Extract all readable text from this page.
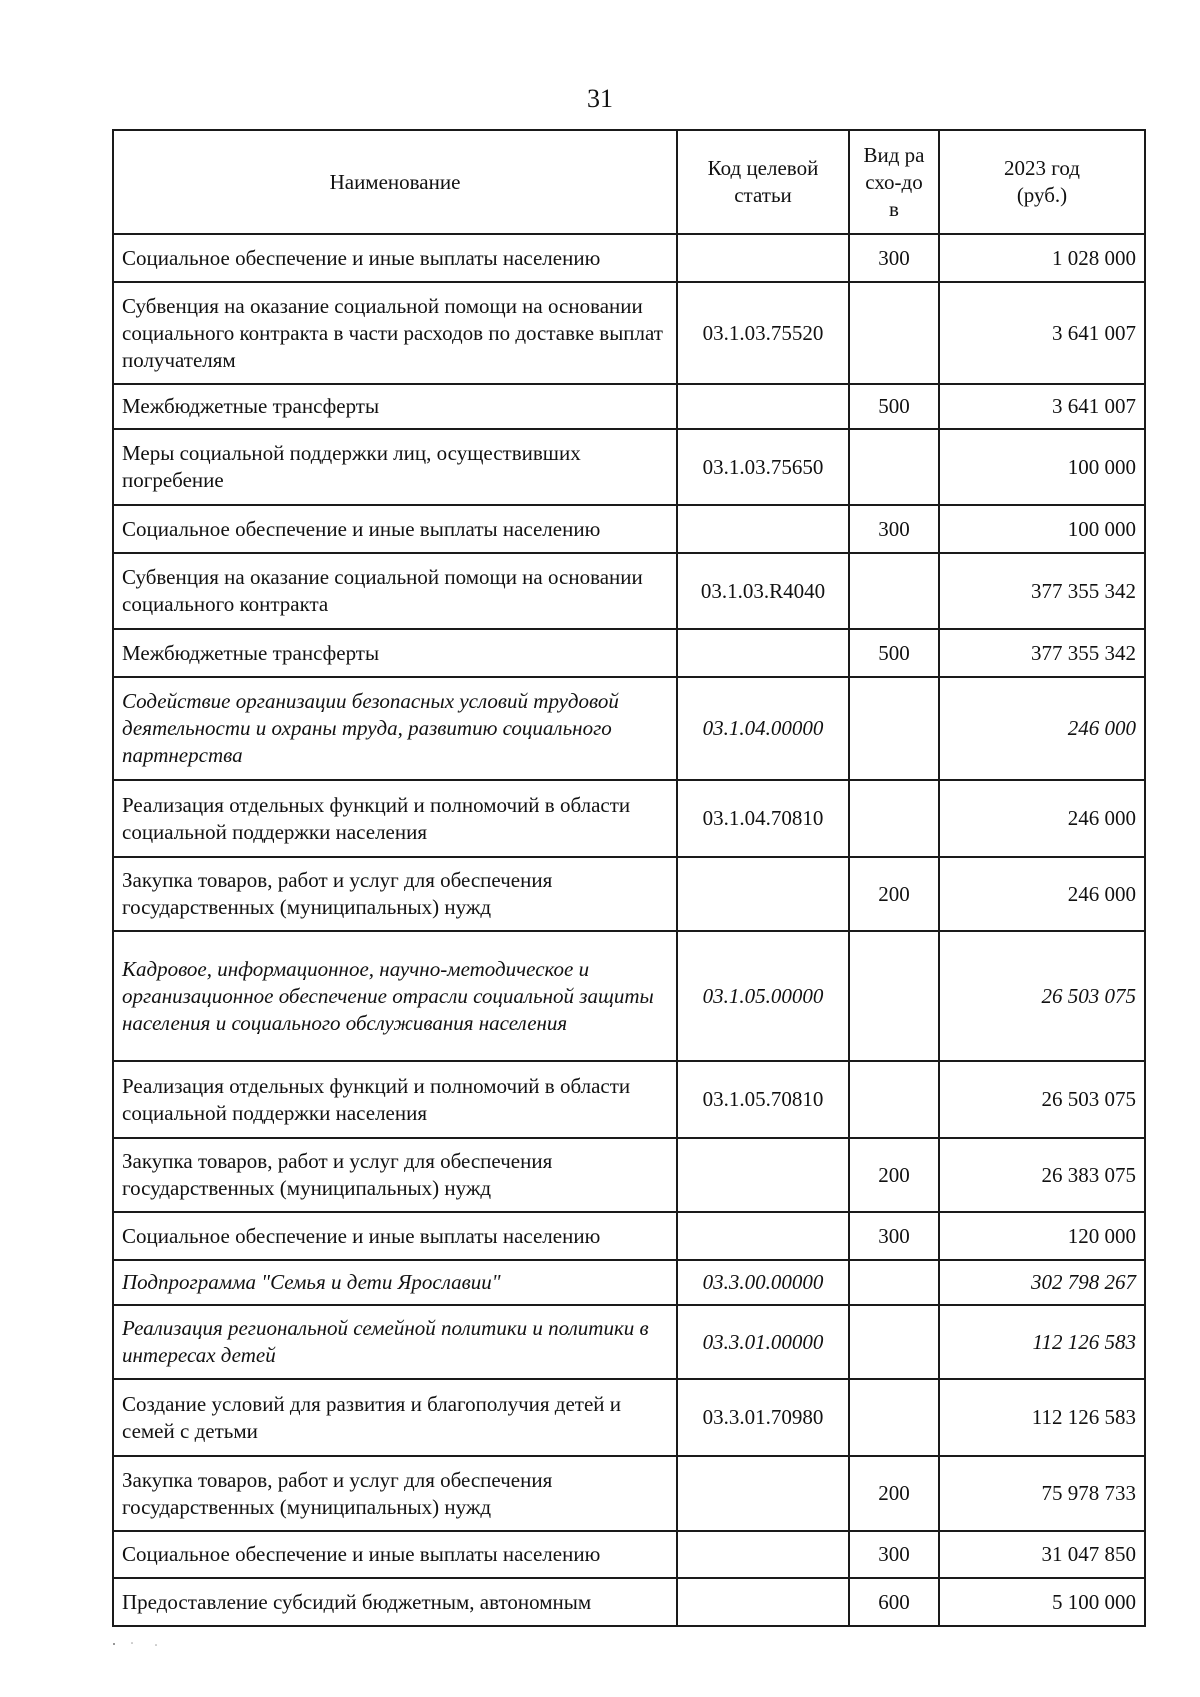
31
Наименование	Код целевой статьи	Вид расхо-дов	2023 год (руб.)

Социальное обеспечение и иные выплаты населению		300	1 028 000
Субвенция на оказание социальной помощи на основании социального контракта в части расходов по доставке выплат получателям	03.1.03.75520		3 641 007
Межбюджетные трансферты		500	3 641 007
Меры социальной поддержки лиц, осуществивших погребение	03.1.03.75650		100 000
Социальное обеспечение и иные выплаты населению		300	100 000
Субвенция на оказание социальной помощи на основании социального контракта	03.1.03.R4040		377 355 342
Межбюджетные трансферты		500	377 355 342
Содействие организации безопасных условий трудовой деятельности и охраны труда, развитию социального партнерства	03.1.04.00000		246 000
Реализация отдельных функций и полномочий в области социальной поддержки населения	03.1.04.70810		246 000
Закупка товаров, работ и услуг для обеспечения государственных (муниципальных) нужд		200	246 000
Кадровое, информационное, научно-методическое и организационное обеспечение отрасли социальной защиты населения и социального обслуживания населения	03.1.05.00000		26 503 075
Реализация отдельных функций и полномочий в области социальной поддержки населения	03.1.05.70810		26 503 075
Закупка товаров, работ и услуг для обеспечения государственных (муниципальных) нужд		200	26 383 075
Социальное обеспечение и иные выплаты населению		300	120 000
Подпрограмма "Семья и дети Ярославии"	03.3.00.00000		302 798 267
Реализация региональной семейной политики и политики в интересах детей	03.3.01.00000		112 126 583
Создание условий для развития и благополучия детей и семей с детьми	03.3.01.70980		112 126 583
Закупка товаров, работ и услуг для обеспечения государственных (муниципальных) нужд		200	75 978 733
Социальное обеспечение и иные выплаты населению		300	31 047 850
Предоставление субсидий бюджетным, автономным		600	5 100 000
